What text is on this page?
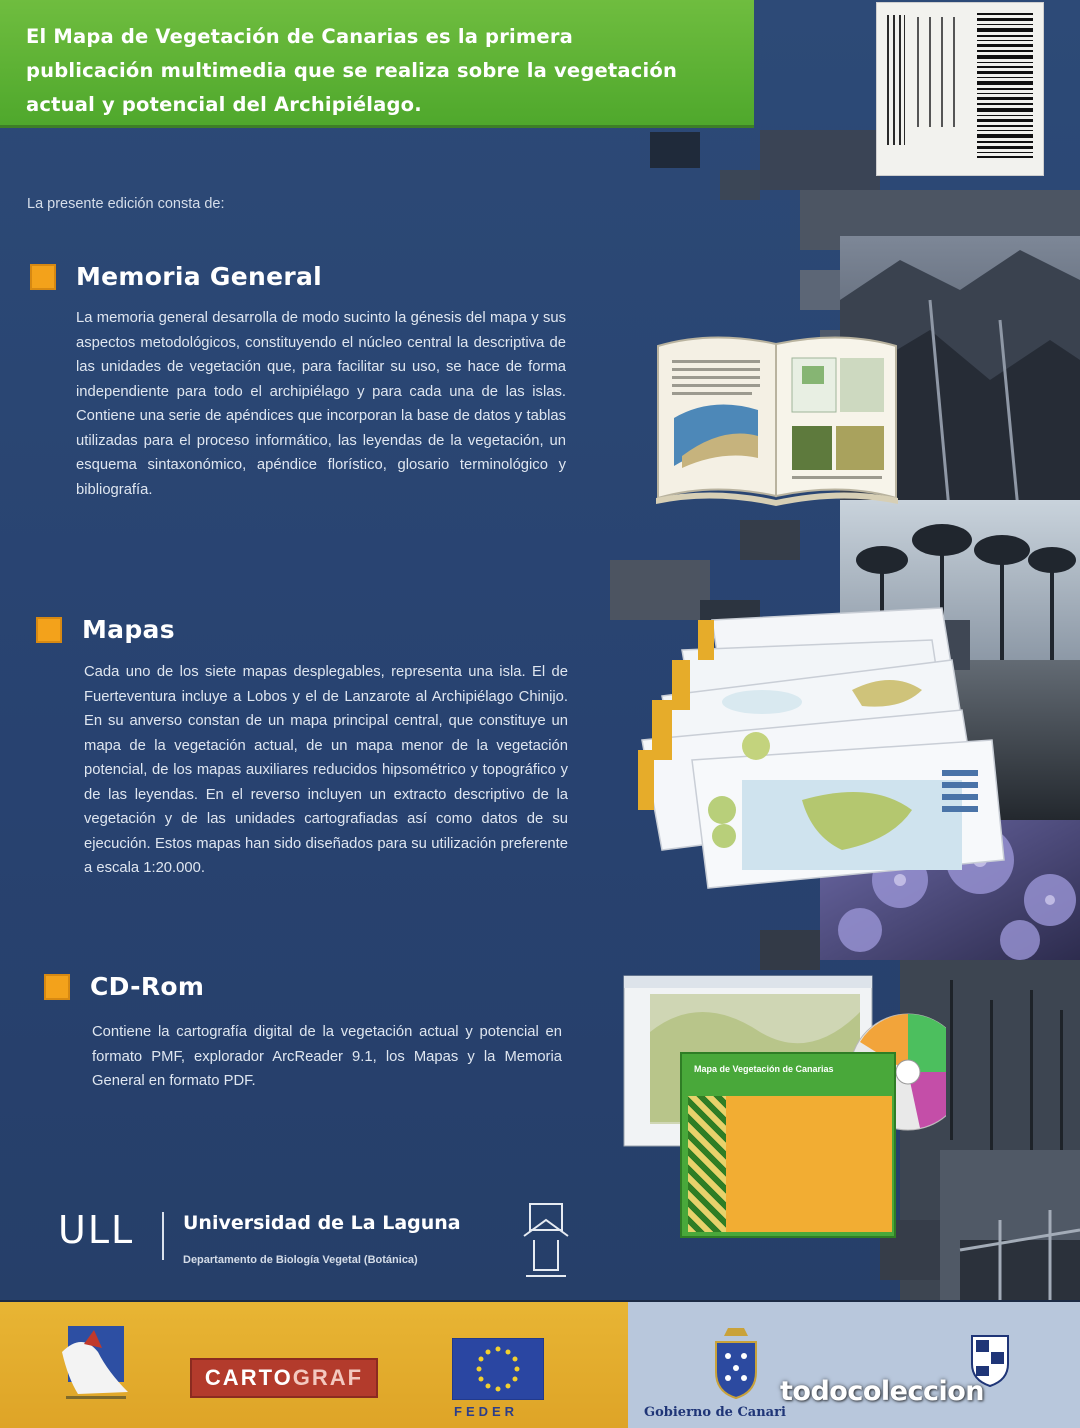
El Mapa de Vegetación de Canarias es la primera

publicación multimedia que se realiza sobre la vegetación

actual y potencial del Archipiélago.

La presente edición consta de:
Memoria General

La memoria general desarrolla de modo sucinto la génesis del mapa y sus aspectos metodológicos, constituyendo el núcleo central la descriptiva de las unidades de vegetación que, para facilitar su uso, se hace de forma independiente para todo el archipiélago y para cada una de las islas. Contiene una serie de apéndices que incorporan la base de datos y tablas utilizadas para el proceso informático, las leyendas de la vegetación, un esquema sintaxonómico, apéndice florístico, glosario terminológico y bibliografía.

Mapas

Cada uno de los siete mapas desplegables, representa una isla. El de Fuerteventura incluye a Lobos y el de Lanzarote al Archipiélago Chinijo. En su anverso constan de un mapa principal central, que constituye un mapa de la vegetación actual, de un mapa menor de la vegetación potencial, de los mapas auxiliares reducidos hipsométrico y topográfico y de las leyendas. En el reverso incluyen un extracto descriptivo de la vegetación y de las unidades cartografiadas así como datos de su ejecución. Estos mapas han sido diseñados para su utilización preferente a escala 1:20.000.

CD-Rom

Contiene la cartografía digital de la vegetación actual y potencial en formato PMF, explorador ArcReader 9.1, los Mapas y la Memoria General en formato PDF.

Mapa de Vegetación de Canarias
ULL	Universidad de La Laguna
Departamento de Biología Vegetal (Botánica)
CARTOGRAF
FEDER	Gobierno de Canari
todocoleccion
